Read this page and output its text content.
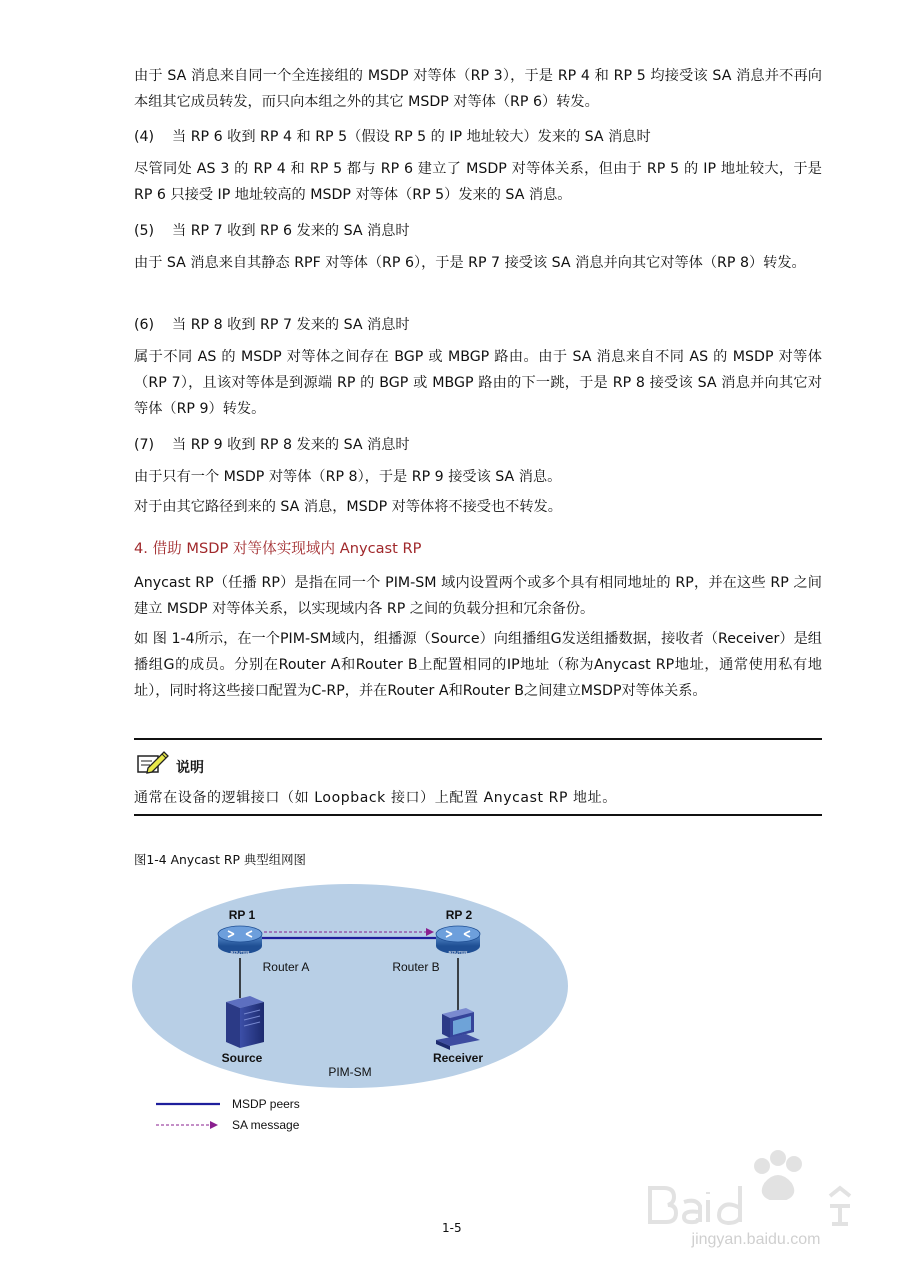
由于 SA 消息来自同一个全连接组的 MSDP 对等体（RP 3），于是 RP 4 和 RP 5 均接受该 SA 消息并不再向本组其它成员转发，而只向本组之外的其它 MSDP 对等体（RP 6）转发。

(4) 当 RP 6 收到 RP 4 和 RP 5（假设 RP 5 的 IP 地址较大）发来的 SA 消息时

尽管同处 AS 3 的 RP 4 和 RP 5 都与 RP 6 建立了 MSDP 对等体关系，但由于 RP 5 的 IP 地址较大，于是 RP 6 只接受 IP 地址较高的 MSDP 对等体（RP 5）发来的 SA 消息。

(5) 当 RP 7 收到 RP 6 发来的 SA 消息时

由于 SA 消息来自其静态 RPF 对等体（RP 6），于是 RP 7 接受该 SA 消息并向其它对等体（RP 8）转发。

(6) 当 RP 8 收到 RP 7 发来的 SA 消息时

属于不同 AS 的 MSDP 对等体之间存在 BGP 或 MBGP 路由。由于 SA 消息来自不同 AS 的 MSDP 对等体（RP 7），且该对等体是到源端 RP 的 BGP 或 MBGP 路由的下一跳，于是 RP 8 接受该 SA 消息并向其它对等体（RP 9）转发。

(7) 当 RP 9 收到 RP 8 发来的 SA 消息时

由于只有一个 MSDP 对等体（RP 8），于是 RP 9 接受该 SA 消息。

对于由其它路径到来的 SA 消息，MSDP 对等体将不接受也不转发。

4. 借助 MSDP 对等体实现域内 Anycast RP

Anycast RP（任播 RP）是指在同一个 PIM-SM 域内设置两个或多个具有相同地址的 RP，并在这些 RP 之间建立 MSDP 对等体关系，以实现域内各 RP 之间的负载分担和冗余备份。

如 图 1-4所示，在一个PIM-SM域内，组播源（Source）向组播组G发送组播数据，接收者（Receiver）是组播组G的成员。分别在Router A和Router B上配置相同的IP地址（称为Anycast RP地址，通常使用私有地址），同时将这些接口配置为C-RP，并在Router A和Router B之间建立MSDP对等体关系。

说明
通常在设备的逻辑接口（如 Loopback 接口）上配置 Anycast RP 地址。
图1-4 Anycast RP 典型组网图
ROUTER	ROUTER
RP 1	RP 2
Router A	Router B
Source	Receiver
PIM-SM
MSDP peers
SA message
1-5
jingyan.baidu.com
